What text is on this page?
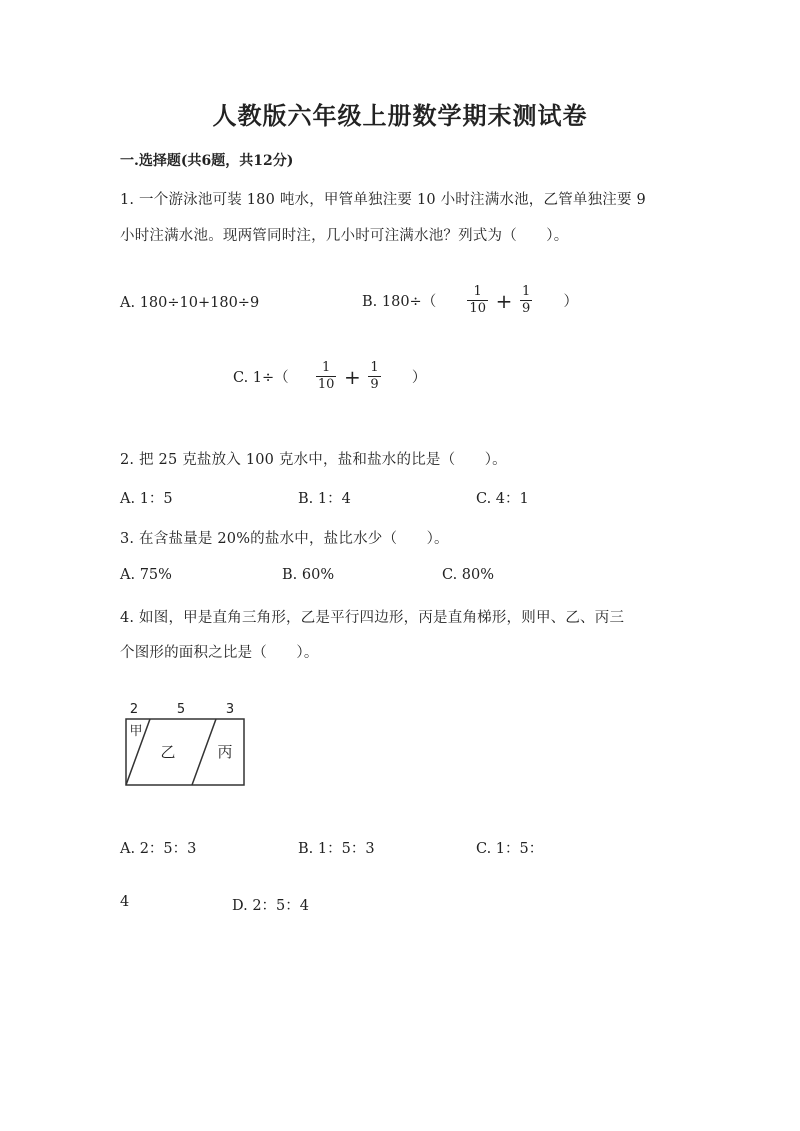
人教版六年级上册数学期末测试卷
一.选择题(共6题，共12分)
1. 一个游泳池可装 180 吨水，甲管单独注要 10 小时注满水池，乙管单独注要 9
小时注满水池。现两管同时注，几小时可注满水池？列式为（　　）。
A. 180÷10+180÷9	B. $180\div( \frac{1}{10} + \frac{1}{9}$ ）
C. $1\div( \frac{1}{10} + \frac{1}{9}$ ）
2. 把 25 克盐放入 100 克水中，盐和盐水的比是（　　）。
A. 1：5	B. 1：4	C. 4：1
3. 在含盐量是 20%的盐水中，盐比水少（　　）。
A. 75%	B. 60%	C. 80%
4. 如图，甲是直角三角形，乙是平行四边形，丙是直角梯形，则甲、乙、丙三
个图形的面积之比是（　　）。
2	5	3
甲
乙	丙
A. 2：5：3	B. 1：5：3	C. 1：5：
4	D. 2：5：4
